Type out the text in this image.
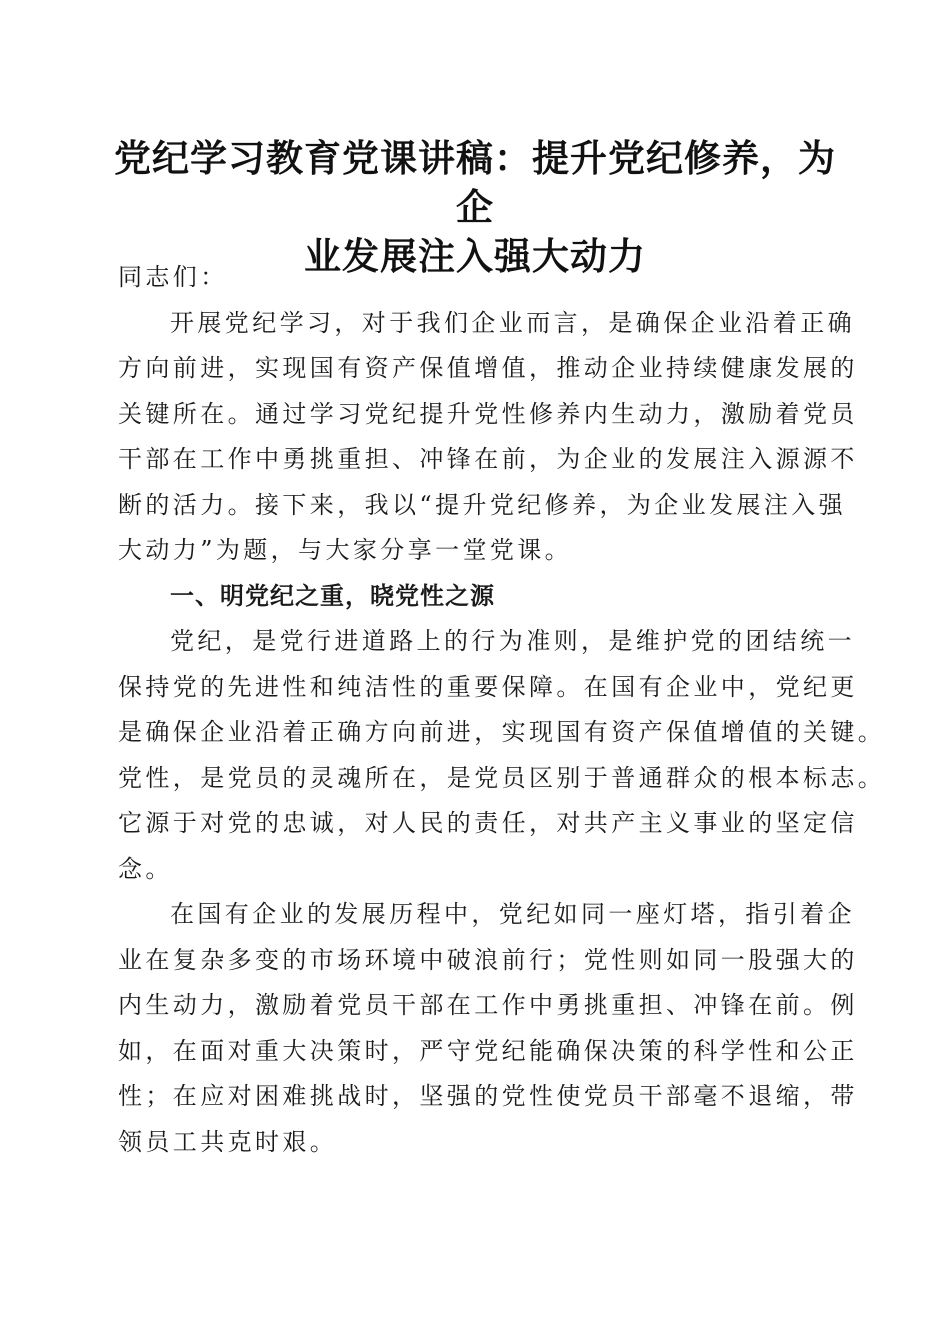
党纪学习教育党课讲稿：提升党纪修养，为企
业发展注入强大动力
同志们：
开展党纪学习，对于我们企业而言，是确保企业沿着正确
方向前进，实现国有资产保值增值，推动企业持续健康发展的
关键所在。通过学习党纪提升党性修养内生动力，激励着党员
干部在工作中勇挑重担、冲锋在前，为企业的发展注入源源不
断的活力。接下来，我以“提升党纪修养，为企业发展注入强
大动力”为题，与大家分享一堂党课。
一、明党纪之重，晓党性之源
党纪，是党行进道路上的行为准则，是维护党的团结统一
保持党的先进性和纯洁性的重要保障。在国有企业中，党纪更
是确保企业沿着正确方向前进，实现国有资产保值增值的关键。
党性，是党员的灵魂所在，是党员区别于普通群众的根本标志。
它源于对党的忠诚，对人民的责任，对共产主义事业的坚定信
念。
在国有企业的发展历程中，党纪如同一座灯塔，指引着企
业在复杂多变的市场环境中破浪前行；党性则如同一股强大的
内生动力，激励着党员干部在工作中勇挑重担、冲锋在前。例
如，在面对重大决策时，严守党纪能确保决策的科学性和公正
性；在应对困难挑战时，坚强的党性使党员干部毫不退缩，带
领员工共克时艰。
